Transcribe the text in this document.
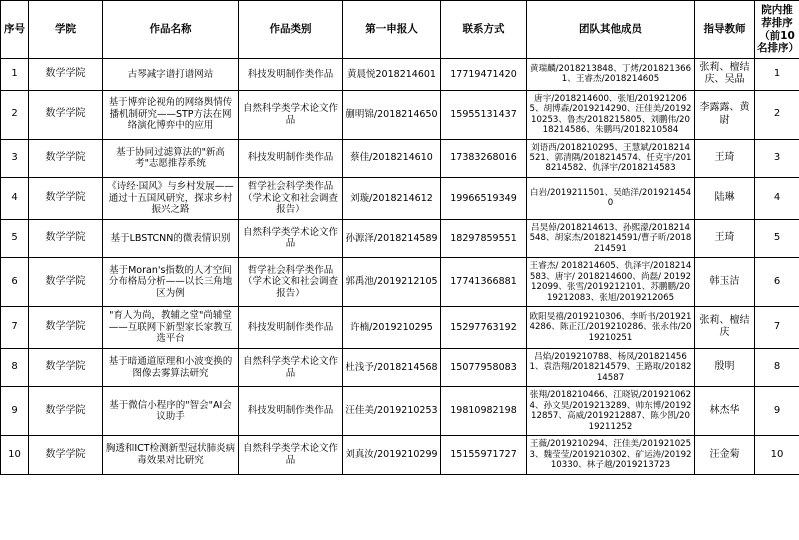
序号	学院	作品名称	作品类别	第一申报人	联系方式	团队其他成员	指导教师	院内推荐排序（前10名排序）
1	数学学院	古琴减字谱打谱网站	科技发明制作类作品	黄晨悦2018214601	17719471420	黄瑞麟/2018213848、丁烤/2018213661、王睿杰/2018214605	张莉、檀结庆、吴晶	1
2	数学学院	基于博弈论视角的网络舆情传播机制研究——STP方法在网络演化博弈中的应用	自然科学类学术论文作品	蒯明锦/2018214650	15955131437	唐宇/2018214600、张旭/2019212065、胡博森/2019214290、汪佳美/2019210253、鲁杰/2018215805、刘鹏伟/2018214586、朱鹏玛/2018210584	李露露、黄尉	2
3	数学学院	基于协同过滤算法的"新高考"志愿推荐系统	科技发明制作类作品	蔡佳/2018214610	17383268016	刘语西/2018210295、王慧斌/2018214521、郭清隅/2018214574、任克宇/2018214582、仇泽宇/2018214583	王琦	3
4	数学学院	《诗经·国风》与乡村发展——通过十五国风研究，探求乡村振兴之路	哲学社会科学类作品（学术论文和社会调查报告）	刘璇/2018214612	19966519349	白岩/2019211501、吴皓洋/2019214540	陆琳	4
5	数学学院	基于LBSTCNN的微表情识别	自然科学类学术论文作品	孙源泽/2018214589	18297859551	吕昊倬/2018214613、孙熙濛/2018214548、胡家杰/2018214591/曹子昕/2018214591	王琦	5
6	数学学院	基于Moran's指数的人才空间分布格局分析——以长三角地区为例	哲学社会科学类作品（学术论文和社会调查报告）	郭禹池/2019212105	17741366881	王睿杰/ 2018214605、仇泽宇/2018214583、唐宇/ 2018214600、尚磊/ 2019212099、张雪/2019212101、苏鹏鹏/2019212083、张旭/2019212065	韩玉洁	6
7	数学学院	"育人为尚，教辅之堂"尚辅堂——互联网下新型家长家教互选平台	科技发明制作类作品	许楠/2019210295	15297763192	欧阳旻禧/2019210306、李昕书/2019214286、陈正江/2019210286、张永伟/2019210251	张莉、檀结庆	7
8	数学学院	基于暗通道原理和小波变换的图像去雾算法研究	自然科学类学术论文作品	杜浅予/2018214568	15077958083	吕焰/2019210788、杨凤/2018214561、袁浩翔/2018214579、王路取/2018214587	殷明	8
9	数学学院	基于微信小程序的"智会"AI会议助手	科技发明制作类作品	汪佳美/2019210253	19810982198	张翔/2018210466、江晓锐/2019210624、孙文昊/2019213289、帅东博/2019212857、高威/2019212887、陈少凯/2019211252	林杰华	9
10	数学学院	胸透和ICT检测新型冠状肺炎病毒效果对比研究	自然科学类学术论文作品	刘真汝/2019210299	15155971727	王薇/2019210294、汪佳美/2019210253、魏莹莹/2019210302、矿运涛/2019210330、林子越/2019213723	汪金菊	10
